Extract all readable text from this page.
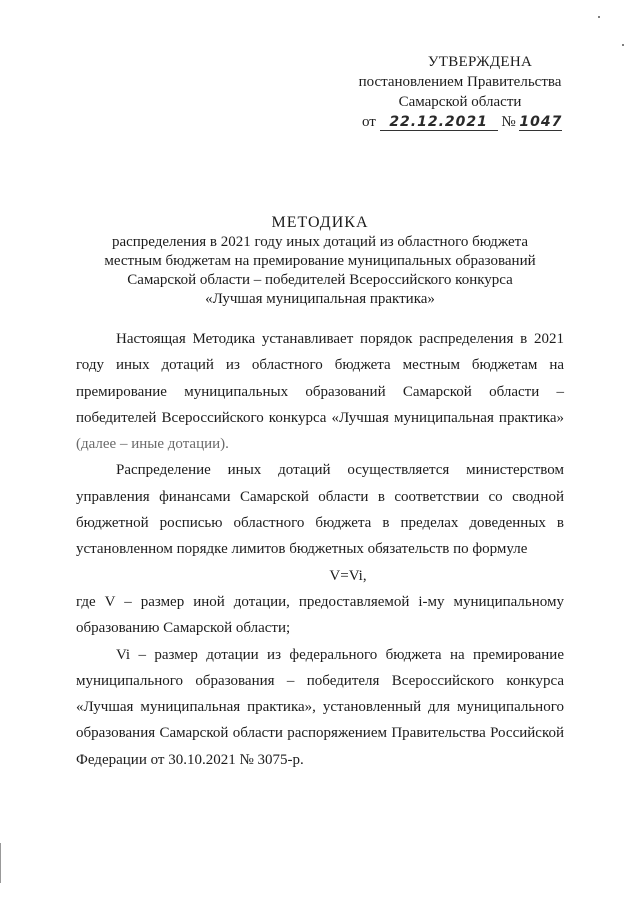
УТВЕРЖДЕНА
постановлением Правительства
Самарской области
от 22.12.2021 № 1047
МЕТОДИКА
распределения в 2021 году иных дотаций из областного бюджета
местным бюджетам на премирование муниципальных образований
Самарской области – победителей Всероссийского конкурса
«Лучшая муниципальная практика»

Настоящая Методика устанавливает порядок распределения в 2021 году иных дотаций из областного бюджета местным бюджетам на премирование муниципальных образований Самарской области – победителей Всероссийского конкурса «Лучшая муниципальная практика» (далее – иные дотации).

Распределение иных дотаций осуществляется министерством управления финансами Самарской области в соответствии со сводной бюджетной росписью областного бюджета в пределах доведенных в установленном порядке лимитов бюджетных обязательств по формуле

V=Vi,

где V – размер иной дотации, предоставляемой i-му муниципальному образованию Самарской области;

Vi – размер дотации из федерального бюджета на премирование муниципального образования – победителя Всероссийского конкурса «Лучшая муниципальная практика», установленный для муниципального образования Самарской области распоряжением Правительства Российской Федерации от 30.10.2021 № 3075-р.
